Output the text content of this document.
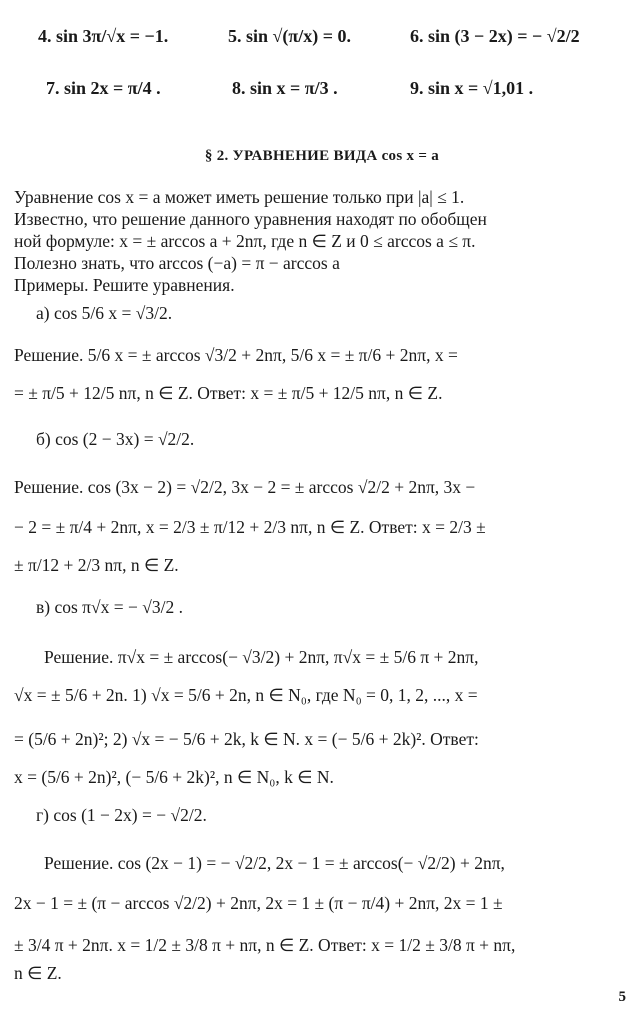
4. sin 3π/√x = −1.	5. sin √(π/x) = 0.	6. sin (3 − 2x) = − √2/2
7. sin 2x = π/4 .	8. sin x = π/3 .	9. sin x = √1,01 .
§ 2. УРАВНЕНИЕ ВИДА cos x = a
Уравнение cos x = a может иметь решение только при |a| ≤ 1.
Известно, что решение данного уравнения находят по обобщен
ной формуле: x = ± arccos a + 2nπ, где n ∈ Z и 0 ≤ arccos a ≤ π.
Полезно знать, что arccos (−a) = π − arccos a
Примеры. Решите уравнения.
а) cos 5/6 x = √3/2.
Решение. 5/6 x = ± arccos √3/2 + 2nπ, 5/6 x = ± π/6 + 2nπ, x =
= ± π/5 + 12/5 nπ, n ∈ Z. Ответ: x = ± π/5 + 12/5 nπ, n ∈ Z.
б) cos (2 − 3x) = √2/2.
Решение. cos (3x − 2) = √2/2, 3x − 2 = ± arccos √2/2 + 2nπ, 3x −
− 2 = ± π/4 + 2nπ, x = 2/3 ± π/12 + 2/3 nπ, n ∈ Z. Ответ: x = 2/3 ±
± π/12 + 2/3 nπ, n ∈ Z.
в) cos π√x = − √3/2 .
Решение. π√x = ± arccos(− √3/2) + 2nπ, π√x = ± 5/6 π + 2nπ,
√x = ± 5/6 + 2n. 1) √x = 5/6 + 2n, n ∈ N₀, где N₀ = 0, 1, 2, ..., x =
= (5/6 + 2n)²; 2) √x = − 5/6 + 2k, k ∈ N. x = (− 5/6 + 2k)². Ответ:
x = (5/6 + 2n)², (− 5/6 + 2k)², n ∈ N₀, k ∈ N.
г) cos (1 − 2x) = − √2/2.
Решение. cos (2x − 1) = − √2/2, 2x − 1 = ± arccos(− √2/2) + 2nπ,
2x − 1 = ± (π − arccos √2/2) + 2nπ, 2x = 1 ± (π − π/4) + 2nπ, 2x = 1 ±
± 3/4 π + 2nπ. x = 1/2 ± 3/8 π + nπ, n ∈ Z. Ответ: x = 1/2 ± 3/8 π + nπ,
n ∈ Z.
5
